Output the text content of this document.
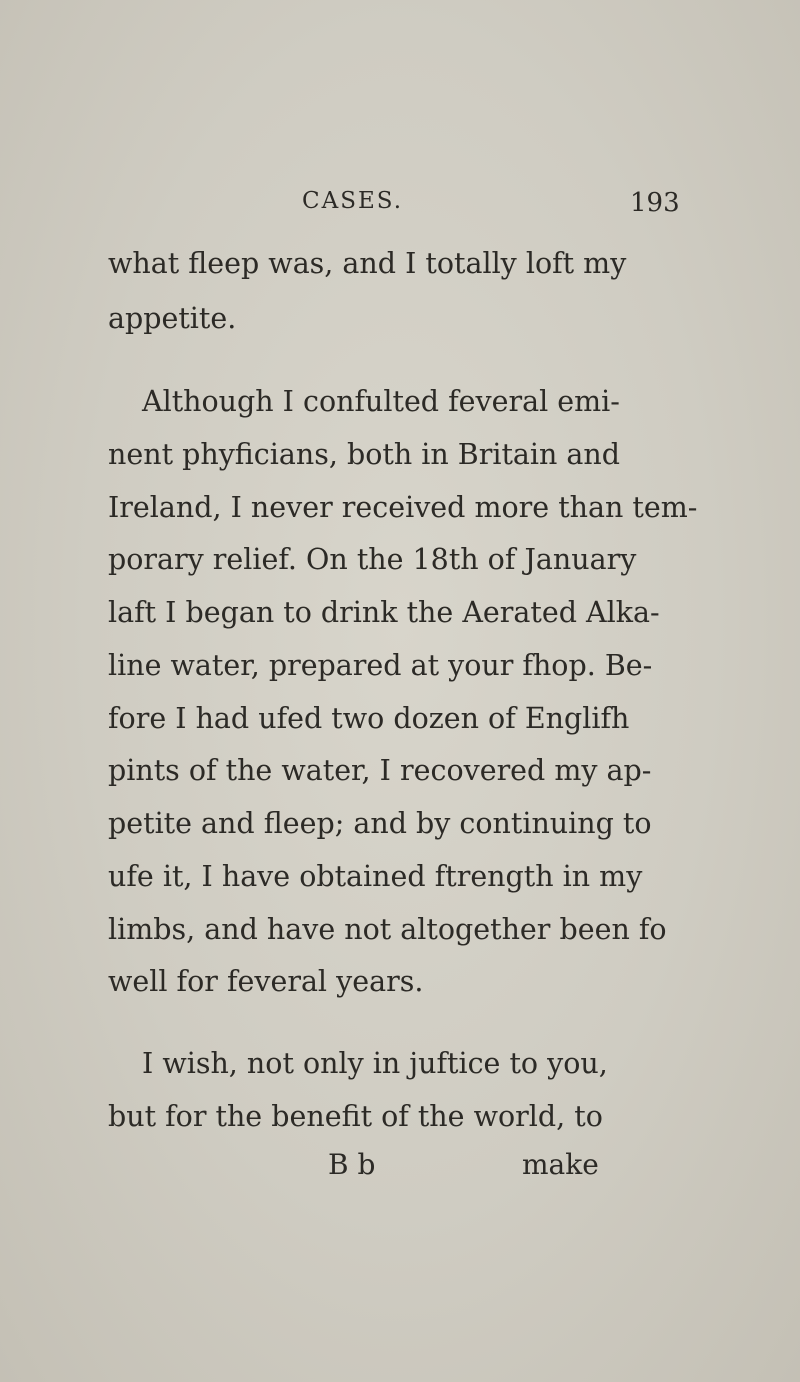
CASES.	193
what fleep was, and I totally loft my
appetite.
Although I confulted feveral emi-
nent phyficians, both in Britain and
Ireland, I never received more than tem-
porary relief. On the 18th of January
laft I began to drink the Aerated Alka-
line water, prepared at your fhop. Be-
fore I had ufed two dozen of Englifh
pints of the water, I recovered my ap-
petite and fleep; and by continuing to
ufe it, I have obtained ftrength in my
limbs, and have not altogether been fo
well for feveral years.
I wish, not only in juftice to you,
but for the benefit of the world, to
B b	make
